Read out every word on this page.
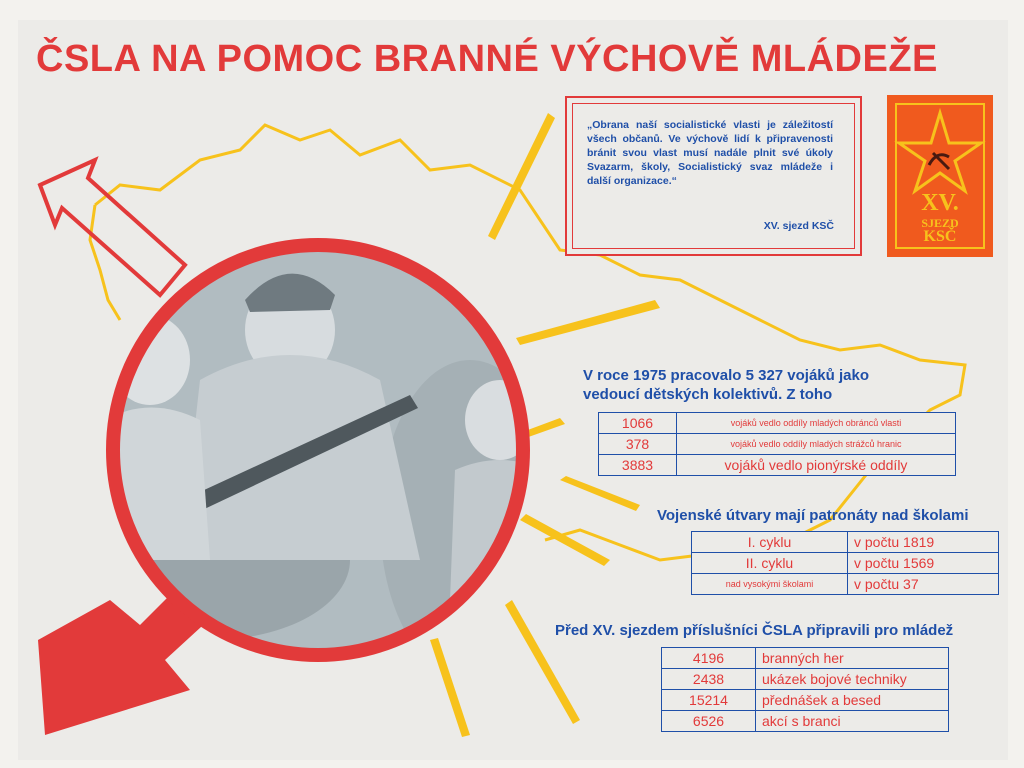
ČSLA NA POMOC BRANNÉ VÝCHOVĚ MLÁDEŽE
„Obrana naší socialistické vlasti je záležitostí všech občanů. Ve výchově lidí k připravenosti bránit svou vlast musí nadále plnit své úkoly Svazarm, školy, Socialistický svaz mládeže i další organizace.“
XV. sjezd KSČ
XV.
SJEZD
KSČ
V roce 1975 pracovalo 5 327 vojáků jako
vedoucí dětských kolektivů. Z toho
1066	vojáků vedlo oddíly mladých obránců vlasti
378	vojáků vedlo oddíly mladých strážců hranic
3883	vojáků vedlo pionýrské oddíly
Vojenské útvary mají patronáty nad školami
I. cyklu	v počtu 1819
II. cyklu	v počtu 1569
nad vysokými školami	v počtu 37
Před XV. sjezdem příslušníci ČSLA připravili pro mládež
4196	branných her
2438	ukázek bojové techniky
15214	přednášek a besed
6526	akcí s branci
